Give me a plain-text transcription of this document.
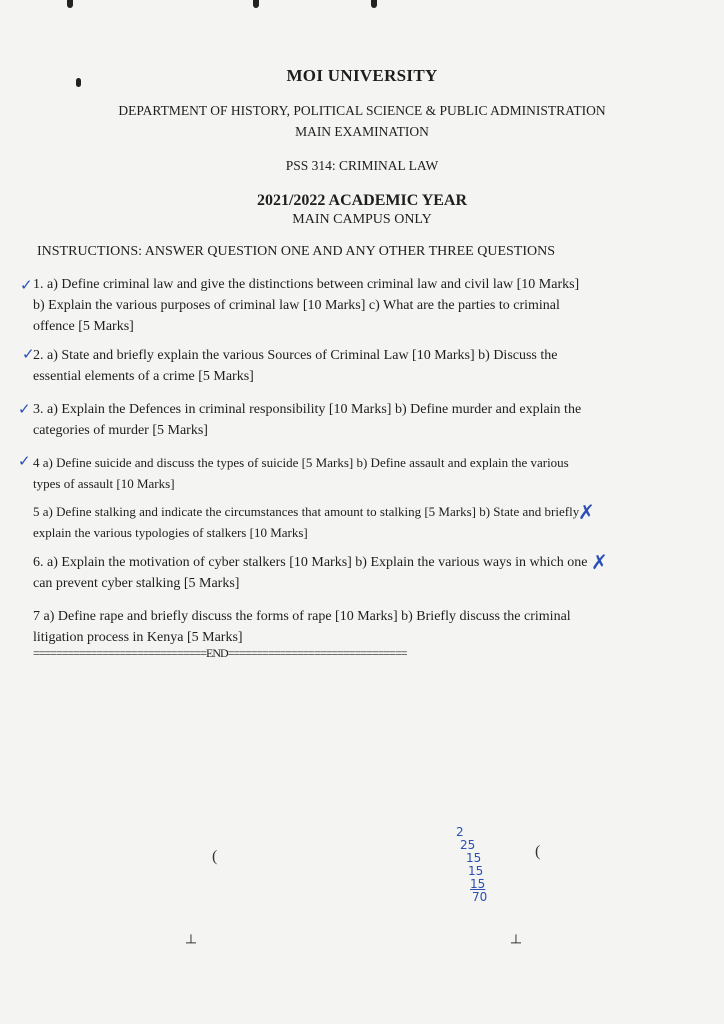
MOI UNIVERSITY
DEPARTMENT OF HISTORY, POLITICAL SCIENCE & PUBLIC ADMINISTRATION
MAIN EXAMINATION
PSS 314: CRIMINAL LAW
2021/2022 ACADEMIC YEAR
MAIN CAMPUS ONLY
INSTRUCTIONS: ANSWER QUESTION ONE AND ANY OTHER THREE QUESTIONS
✓ 1. a) Define criminal law and give the distinctions between criminal law and civil law [10 Marks] b) Explain the various purposes of criminal law [10 Marks] c) What are the parties to criminal offence [5 Marks]
✓
2. a) State and briefly explain the various Sources of Criminal Law [10 Marks] b) Discuss the essential elements of a crime [5 Marks]
✓ 3. a) Explain the Defences in criminal responsibility [10 Marks] b) Define murder and explain the categories of murder [5 Marks]
✓ 4 a) Define suicide and discuss the types of suicide [5 Marks] b) Define assault and explain the various types of assault [10 Marks]
5 a) Define stalking and indicate the circumstances that amount to stalking [5 Marks] b) State and briefly explain the various typologies of stalkers [10 Marks]
✗
6. a) Explain the motivation of cyber stalkers [10 Marks] b) Explain the various ways in which one can prevent cyber stalking [5 Marks]
✗
7 a) Define rape and briefly discuss the forms of rape [10 Marks] b) Briefly discuss the criminal litigation process in Kenya [5 Marks]
==============================END===============================
2
25
15
15
15
70
(	(
┴	┴
